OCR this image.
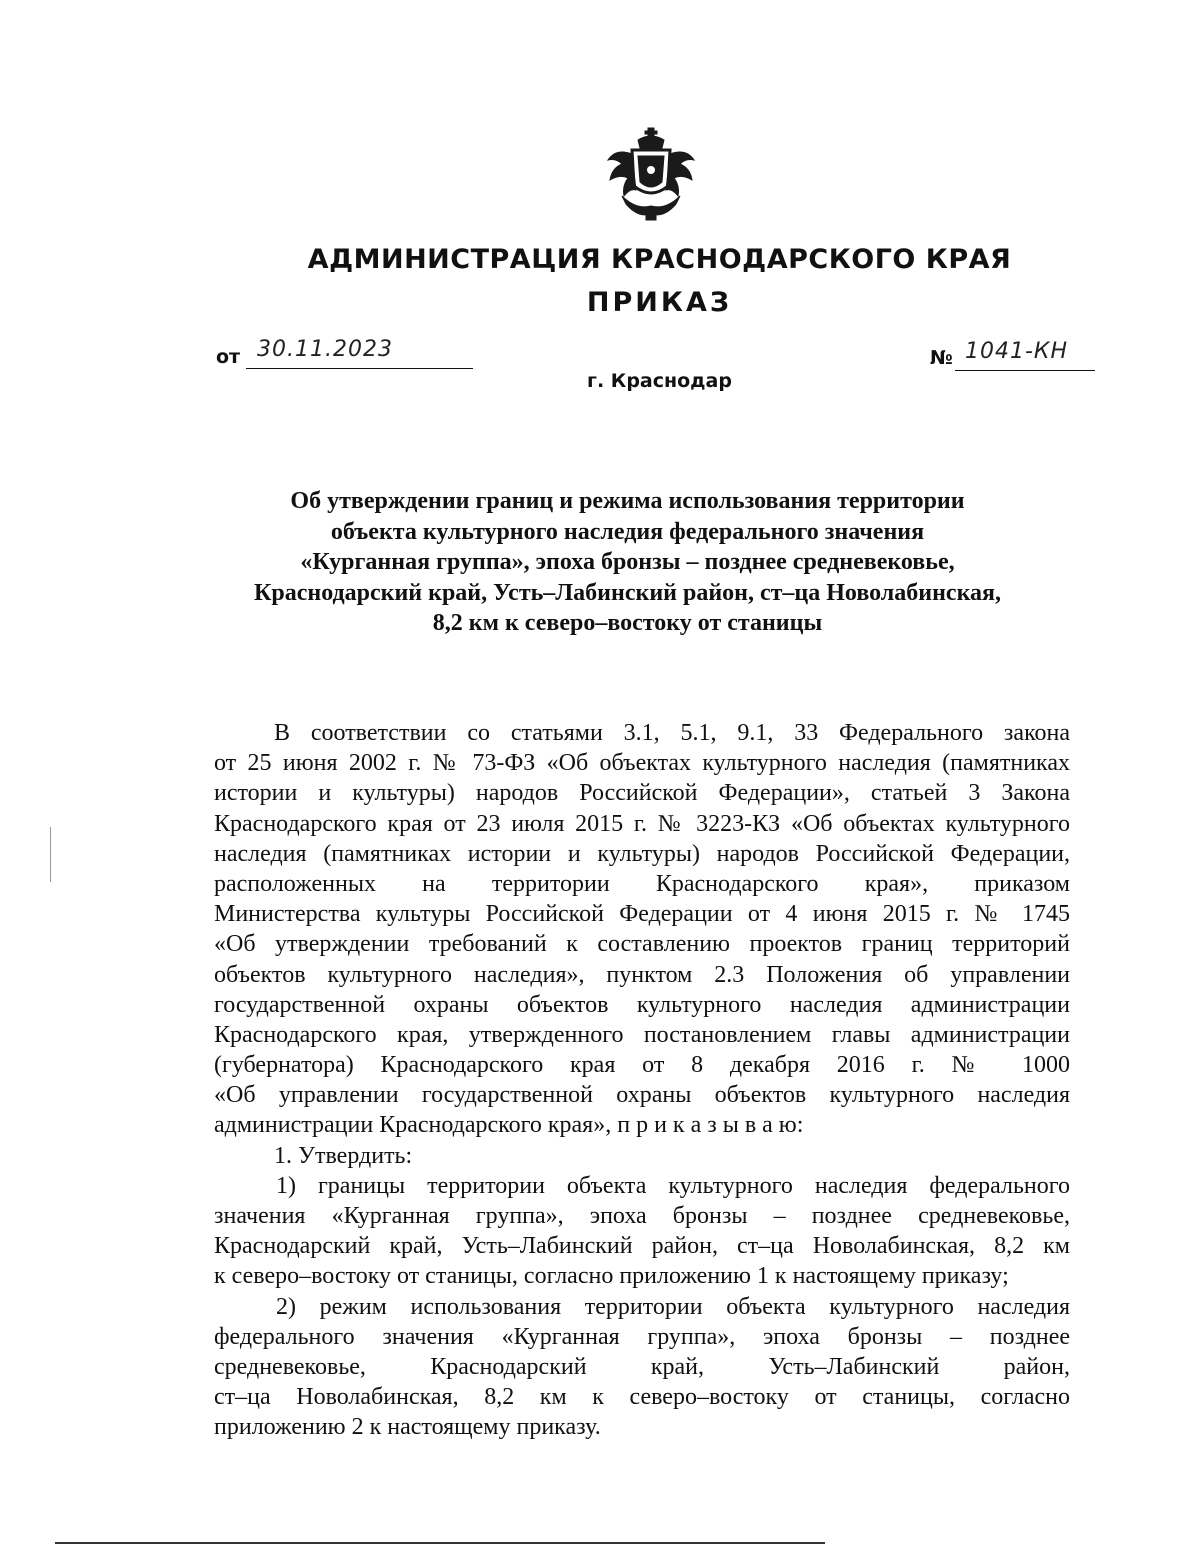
АДМИНИСТРАЦИЯ КРАСНОДАРСКОГО КРАЯ
ПРИКАЗ
от 30.11.2023
г. Краснодар
№ 1041-КН
Об утверждении границ и режима использования территории
объекта культурного наследия федерального значения
«Курганная группа», эпоха бронзы – позднее средневековье,
Краснодарский край, Усть–Лабинский район, ст–ца Новолабинская,
8,2 км к северо–востоку от станицы
В соответствии со статьями 3.1, 5.1, 9.1, 33 Федерального закона
от 25 июня 2002 г. № 73-ФЗ «Об объектах культурного наследия (памятниках
истории и культуры) народов Российской Федерации», статьей 3 Закона
Краснодарского края от 23 июля 2015 г. № 3223-КЗ «Об объектах культурного
наследия (памятниках истории и культуры) народов Российской Федерации,
расположенных на территории Краснодарского края», приказом
Министерства культуры Российской Федерации от 4 июня 2015 г. № 1745
«Об утверждении требований к составлению проектов границ территорий
объектов культурного наследия», пунктом 2.3 Положения об управлении
государственной охраны объектов культурного наследия администрации
Краснодарского края, утвержденного постановлением главы администрации
(губернатора) Краснодарского края от 8 декабря 2016 г. № 1000
«Об управлении государственной охраны объектов культурного наследия
администрации Краснодарского края», п р и к а з ы в а ю:
1. Утвердить:
1) границы территории объекта культурного наследия федерального
значения «Курганная группа», эпоха бронзы – позднее средневековье,
Краснодарский край, Усть–Лабинский район, ст–ца Новолабинская, 8,2 км
к северо–востоку от станицы, согласно приложению 1 к настоящему приказу;
2) режим использования территории объекта культурного наследия
федерального значения «Курганная группа», эпоха бронзы – позднее
средневековье, Краснодарский край, Усть–Лабинский район,
ст–ца Новолабинская, 8,2 км к северо–востоку от станицы, согласно
приложению 2 к настоящему приказу.
